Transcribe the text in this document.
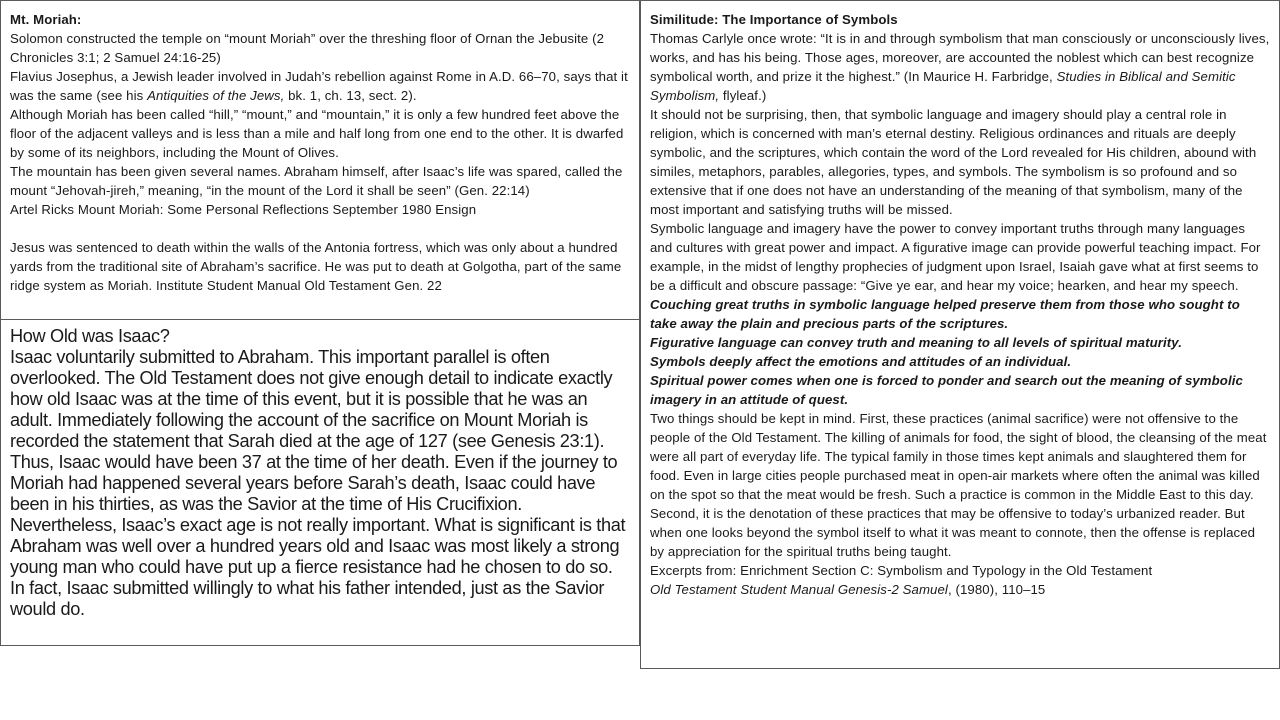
Mt. Moriah:

Solomon constructed the temple on “mount Moriah” over the threshing floor of Ornan the Jebusite (2 Chronicles 3:1; 2 Samuel 24:16-25)

Flavius Josephus, a Jewish leader involved in Judah’s rebellion against Rome in A.D. 66–70, says that it was the same (see his Antiquities of the Jews, bk. 1, ch. 13, sect. 2).

Although Moriah has been called “hill,” “mount,” and “mountain,” it is only a few hundred feet above the floor of the adjacent valleys and is less than a mile and half long from one end to the other. It is dwarfed by some of its neighbors, including the Mount of Olives.

The mountain has been given several names. Abraham himself, after Isaac’s life was spared, called the mount “Jehovah-jireh,” meaning, “in the mount of the Lord it shall be seen” (Gen. 22:14)

Artel Ricks Mount Moriah: Some Personal Reflections September 1980 Ensign

Jesus was sentenced to death within the walls of the Antonia fortress, which was only about a hundred yards from the traditional site of Abraham’s sacrifice. He was put to death at Golgotha, part of the same ridge system as Moriah. Institute Student Manual Old Testament Gen. 22

How Old was Isaac?

Isaac voluntarily submitted to Abraham. This important parallel is often overlooked. The Old Testament does not give enough detail to indicate exactly how old Isaac was at the time of this event, but it is possible that he was an adult. Immediately following the account of the sacrifice on Mount Moriah is recorded the statement that Sarah died at the age of 127 (see Genesis 23:1). Thus, Isaac would have been 37 at the time of her death. Even if the journey to Moriah had happened several years before Sarah’s death, Isaac could have been in his thirties, as was the Savior at the time of His Crucifixion. Nevertheless, Isaac’s exact age is not really important. What is significant is that Abraham was well over a hundred years old and Isaac was most likely a strong young man who could have put up a fierce resistance had he chosen to do so. In fact, Isaac submitted willingly to what his father intended, just as the Savior would do.

Similitude: The Importance of Symbols

Thomas Carlyle once wrote: “It is in and through symbolism that man consciously or unconsciously lives, works, and has his being. Those ages, moreover, are accounted the noblest which can best recognize symbolical worth, and prize it the highest.” (In Maurice H. Farbridge, Studies in Biblical and Semitic Symbolism, flyleaf.)

It should not be surprising, then, that symbolic language and imagery should play a central role in religion, which is concerned with man’s eternal destiny. Religious ordinances and rituals are deeply symbolic, and the scriptures, which contain the word of the Lord revealed for His children, abound with similes, metaphors, parables, allegories, types, and symbols. The symbolism is so profound and so extensive that if one does not have an understanding of the meaning of that symbolism, many of the most important and satisfying truths will be missed.

Symbolic language and imagery have the power to convey important truths through many languages and cultures with great power and impact. A figurative image can provide powerful teaching impact. For example, in the midst of lengthy prophecies of judgment upon Israel, Isaiah gave what at first seems to be a difficult and obscure passage: “Give ye ear, and hear my voice; hearken, and hear my speech.

Couching great truths in symbolic language helped preserve them from those who sought to take away the plain and precious parts of the scriptures.

Figurative language can convey truth and meaning to all levels of spiritual maturity.

Symbols deeply affect the emotions and attitudes of an individual.

Spiritual power comes when one is forced to ponder and search out the meaning of symbolic imagery in an attitude of quest.

Two things should be kept in mind. First, these practices (animal sacrifice) were not offensive to the people of the Old Testament. The killing of animals for food, the sight of blood, the cleansing of the meat were all part of everyday life. The typical family in those times kept animals and slaughtered them for food. Even in large cities people purchased meat in open-air markets where often the animal was killed on the spot so that the meat would be fresh. Such a practice is common in the Middle East to this day. Second, it is the denotation of these practices that may be offensive to today’s urbanized reader. But when one looks beyond the symbol itself to what it was meant to connote, then the offense is replaced by appreciation for the spiritual truths being taught.

Excerpts from: Enrichment Section C: Symbolism and Typology in the Old Testament

Old Testament Student Manual Genesis-2 Samuel, (1980), 110–15
